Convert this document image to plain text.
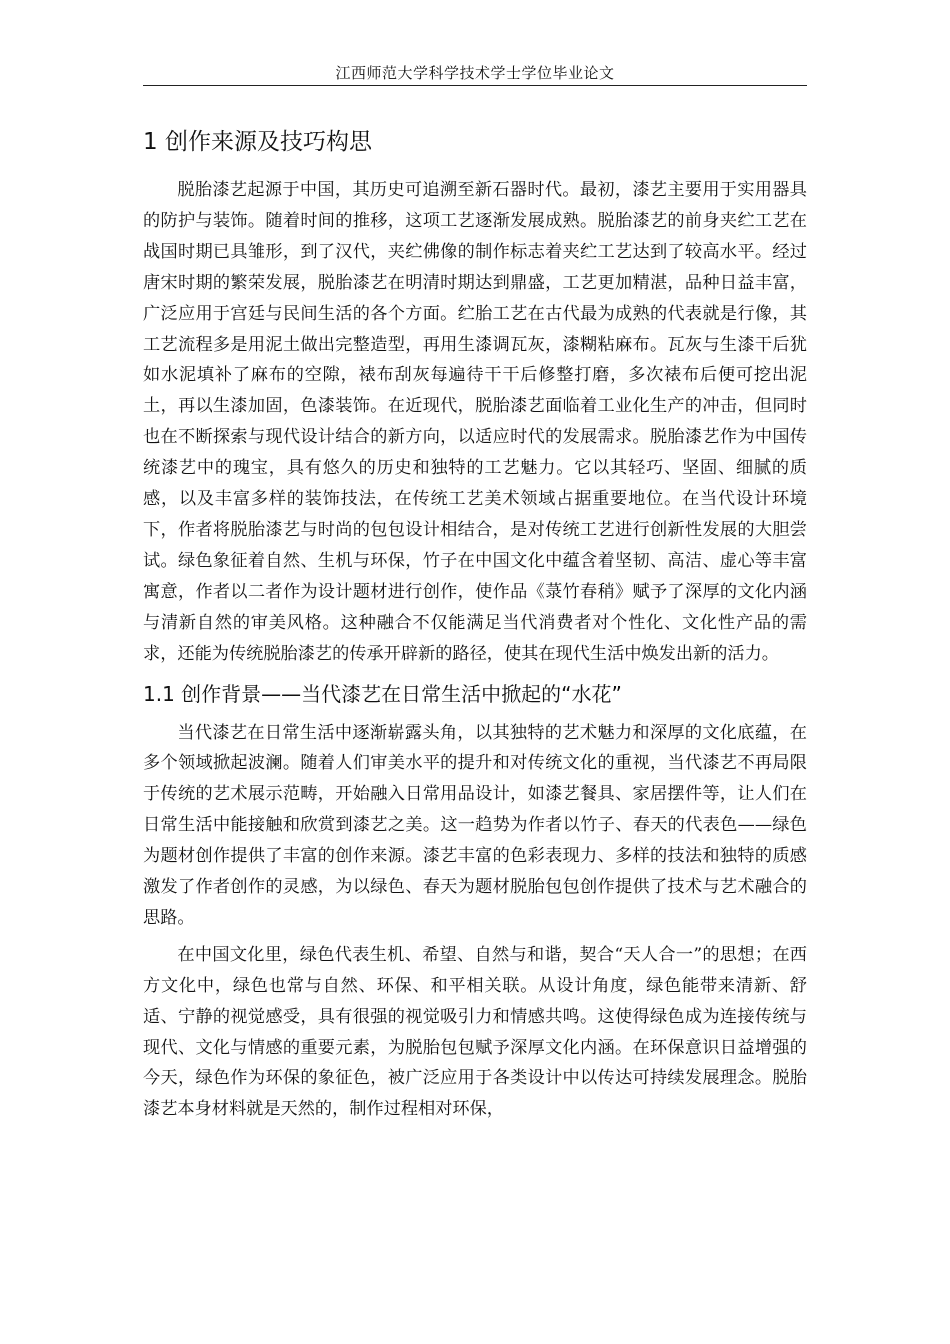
江西师范大学科学技术学士学位毕业论文
1 创作来源及技巧构思

脱胎漆艺起源于中国，其历史可追溯至新石器时代。最初，漆艺主要用于实用器具的防护与装饰。随着时间的推移，这项工艺逐渐发展成熟。脱胎漆艺的前身夹纻工艺在战国时期已具雏形，到了汉代，夹纻佛像的制作标志着夹纻工艺达到了较高水平。经过唐宋时期的繁荣发展，脱胎漆艺在明清时期达到鼎盛，工艺更加精湛，品种日益丰富，广泛应用于宫廷与民间生活的各个方面。纻胎工艺在古代最为成熟的代表就是行像，其工艺流程多是用泥土做出完整造型，再用生漆调瓦灰，漆糊粘麻布。瓦灰与生漆干后犹如水泥填补了麻布的空隙，裱布刮灰每遍待干干后修整打磨，多次裱布后便可挖出泥土，再以生漆加固，色漆装饰。在近现代，脱胎漆艺面临着工业化生产的冲击，但同时也在不断探索与现代设计结合的新方向，以适应时代的发展需求。脱胎漆艺作为中国传统漆艺中的瑰宝，具有悠久的历史和独特的工艺魅力。它以其轻巧、坚固、细腻的质感，以及丰富多样的装饰技法，在传统工艺美术领域占据重要地位。在当代设计环境下，作者将脱胎漆艺与时尚的包包设计相结合，是对传统工艺进行创新性发展的大胆尝试。绿色象征着自然、生机与环保，竹子在中国文化中蕴含着坚韧、高洁、虚心等丰富寓意，作者以二者作为设计题材进行创作，使作品《菉竹春稍》赋予了深厚的文化内涵与清新自然的审美风格。这种融合不仅能满足当代消费者对个性化、文化性产品的需求，还能为传统脱胎漆艺的传承开辟新的路径，使其在现代生活中焕发出新的活力。

1.1 创作背景——当代漆艺在日常生活中掀起的“水花”

当代漆艺在日常生活中逐渐崭露头角，以其独特的艺术魅力和深厚的文化底蕴，在多个领域掀起波澜。随着人们审美水平的提升和对传统文化的重视，当代漆艺不再局限于传统的艺术展示范畴，开始融入日常用品设计，如漆艺餐具、家居摆件等，让人们在日常生活中能接触和欣赏到漆艺之美。这一趋势为作者以竹子、春天的代表色——绿色为题材创作提供了丰富的创作来源。漆艺丰富的色彩表现力、多样的技法和独特的质感激发了作者创作的灵感，为以绿色、春天为题材脱胎包包创作提供了技术与艺术融合的思路。

在中国文化里，绿色代表生机、希望、自然与和谐，契合“天人合一”的思想；在西方文化中，绿色也常与自然、环保、和平相关联。从设计角度，绿色能带来清新、舒适、宁静的视觉感受，具有很强的视觉吸引力和情感共鸣。这使得绿色成为连接传统与现代、文化与情感的重要元素，为脱胎包包赋予深厚文化内涵。在环保意识日益增强的今天，绿色作为环保的象征色，被广泛应用于各类设计中以传达可持续发展理念。脱胎漆艺本身材料就是天然的，制作过程相对环保，
